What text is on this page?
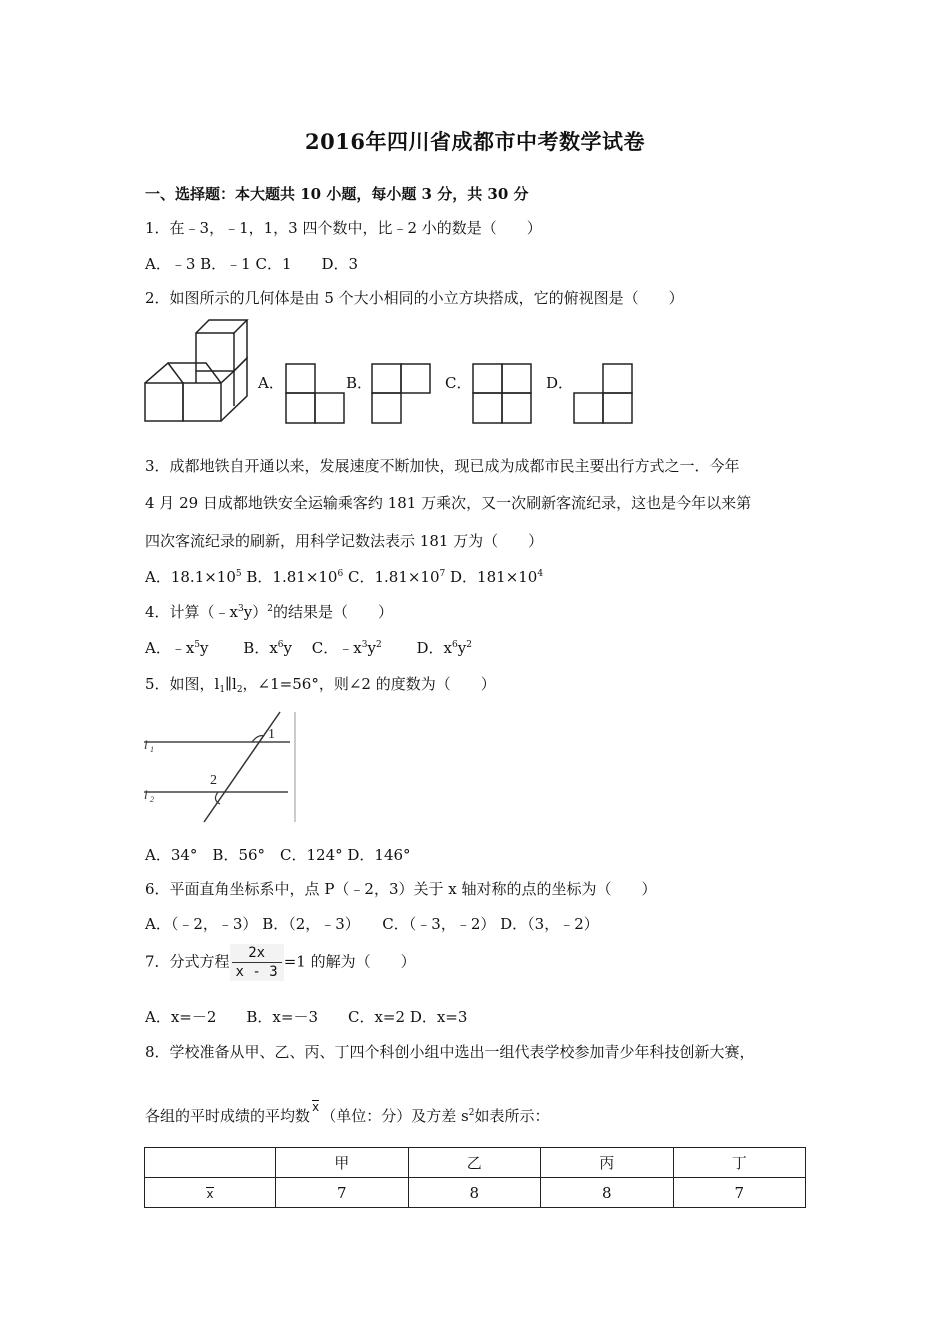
2016年四川省成都市中考数学试卷
一、选择题：本大题共 10 小题，每小题 3 分，共 30 分
1．在﹣3，﹣1，1，3 四个数中，比﹣2 小的数是（　　）
A．﹣3 B．﹣1 C．1　　D．3
2．如图所示的几何体是由 5 个大小相同的小立方块搭成，它的俯视图是（　　）
A．	B．	C．	D．
3．成都地铁自开通以来，发展速度不断加快，现已成为成都市民主要出行方式之一．今年
4 月 29 日成都地铁安全运输乘客约 181 万乘次，又一次刷新客流纪录，这也是今年以来第
四次客流纪录的刷新，用科学记数法表示 181 万为（　　）
A．$18.1\times 10^5$ B．$1.81\times 10^6$ C．$1.81\times 10^7$ D．$181\times 10^4$
4．计算$(﹣x^3y)^2$的结果是（　　）
A．$﹣x^5y$　　 B．$x^6y$　 C．$﹣x^3y^2$　　 D．$x^6y^2$
5．如图，$l_1\parallel l_2$，∠1=56°，则∠2 的度数为（　　）
l 1
l 2
1
2
A．34°　B．56°　C．124° D．146°
6．平面直角坐标系中，点 P（﹣2，3）关于 x 轴对称的点的坐标为（　　）
A．（﹣2，﹣3） B．（2，﹣3）　　C．（﹣3，﹣2） D．（3，﹣2）
7．分式方程 $\frac{2x}{x - 3} =1$ 的解为（　　）
A．x=－2　　B．x=－3　　C．x=2 D．x=3
8．学校准备从甲、乙、丙、丁四个科创小组中选出一组代表学校参加青少年科技创新大赛，
各组的平时成绩的平均数 x （单位：分）及方差 $s^2$如表所示：
	甲	乙	丙	丁
x	7	8	8	7
